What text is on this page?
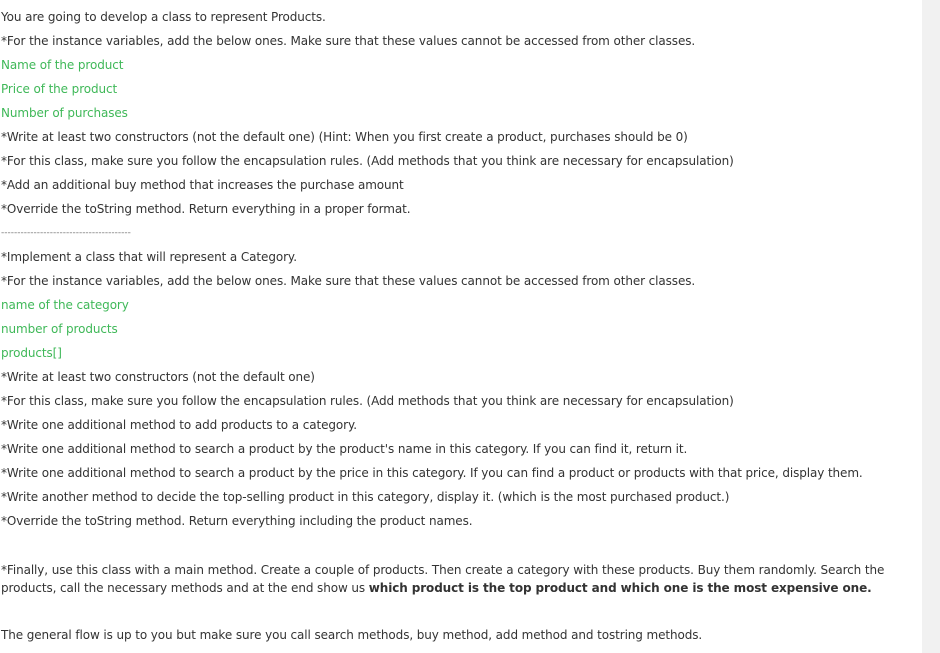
You are going to develop a class to represent Products.
*For the instance variables, add the below ones. Make sure that these values cannot be accessed from other classes.
Name of the product
Price of the product
Number of purchases
*Write at least two constructors (not the default one) (Hint: When you first create a product, purchases should be 0)
*For this class, make sure you follow the encapsulation rules. (Add methods that you think are necessary for encapsulation)
*Add an additional buy method that increases the purchase amount
*Override the toString method. Return everything in a proper format.
----------------------------------------
*Implement a class that will represent a Category.
*For the instance variables, add the below ones. Make sure that these values cannot be accessed from other classes.
name of the category
number of products
products[]
*Write at least two constructors (not the default one)
*For this class, make sure you follow the encapsulation rules. (Add methods that you think are necessary for encapsulation)
*Write one additional method to add products to a category.
*Write one additional method to search a product by the product's name in this category. If you can find it, return it.
*Write one additional method to search a product by the price in this category. If you can find a product or products with that price, display them.
*Write another method to decide the top-selling product in this category, display it. (which is the most purchased product.)
*Override the toString method. Return everything including the product names.
*Finally, use this class with a main method. Create a couple of products. Then create a category with these products. Buy them randomly. Search the products, call the necessary methods and at the end show us which product is the top product and which one is the most expensive one.
The general flow is up to you but make sure you call search methods, buy method, add method and tostring methods.
